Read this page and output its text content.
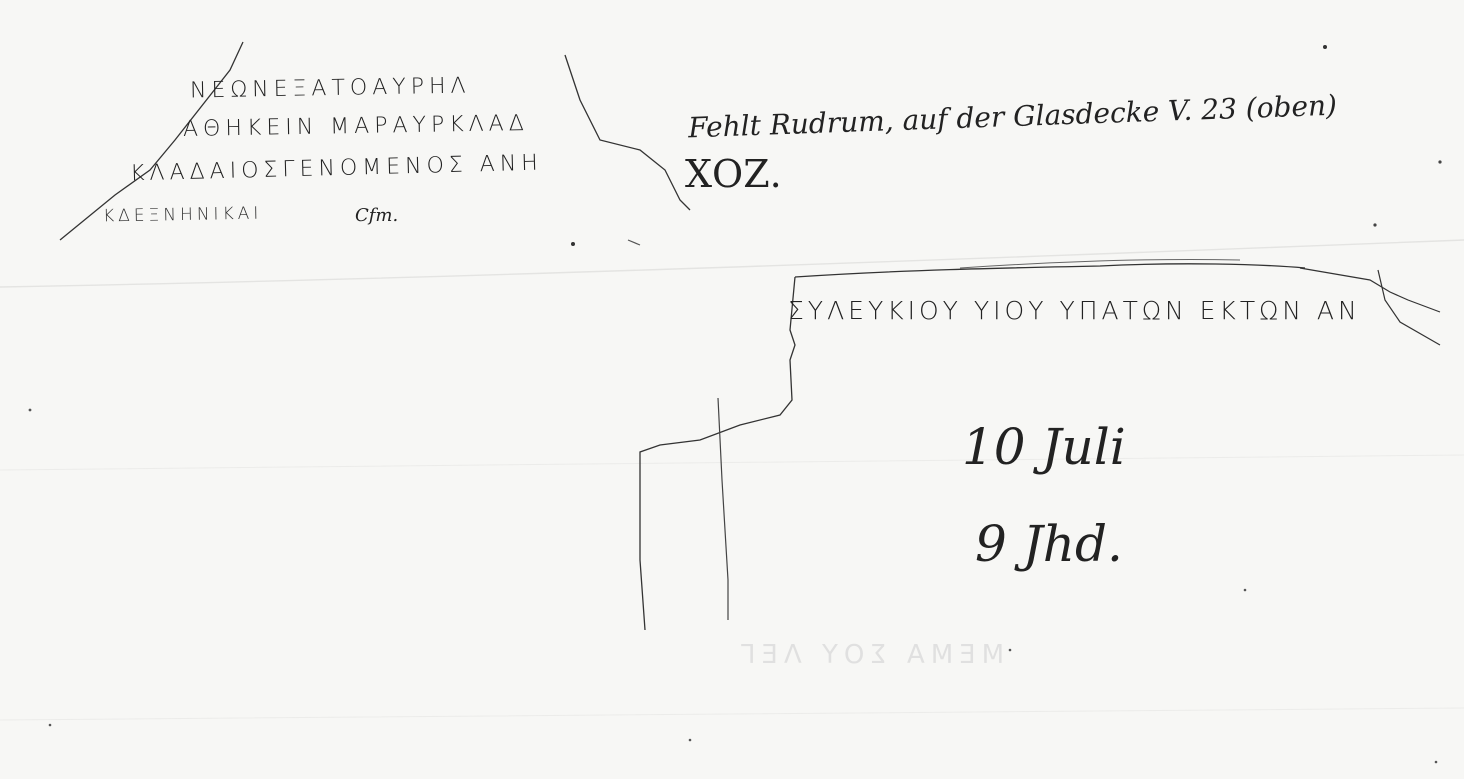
ΝΕΩΝΕΞΑΤΟΑΥΡΗΛ
ΑΘΗΚΕΙΝ ΜΑΡΑΥΡΚΛΑΔ
ΚΛΑΔΑΙΟΣΓΕΝΟΜΕΝΟΣ ΑΝΗ
ΚΔΕΞΝΗΝΙΚΑΙ	Cfm.
ΧΟΖ.
Fehlt Rudrum, auf der Glasdecke V. 23 (oben)
ΣΥΛΕΥΚΙΟΥ ΥΙΟΥ ΥΠΑΤΩΝ ΕΚΤΩΝ ΑΝ
10 Juli
9 Jhd.
ΜΕΜΑ ΣΟΥ ΛΕΓ
